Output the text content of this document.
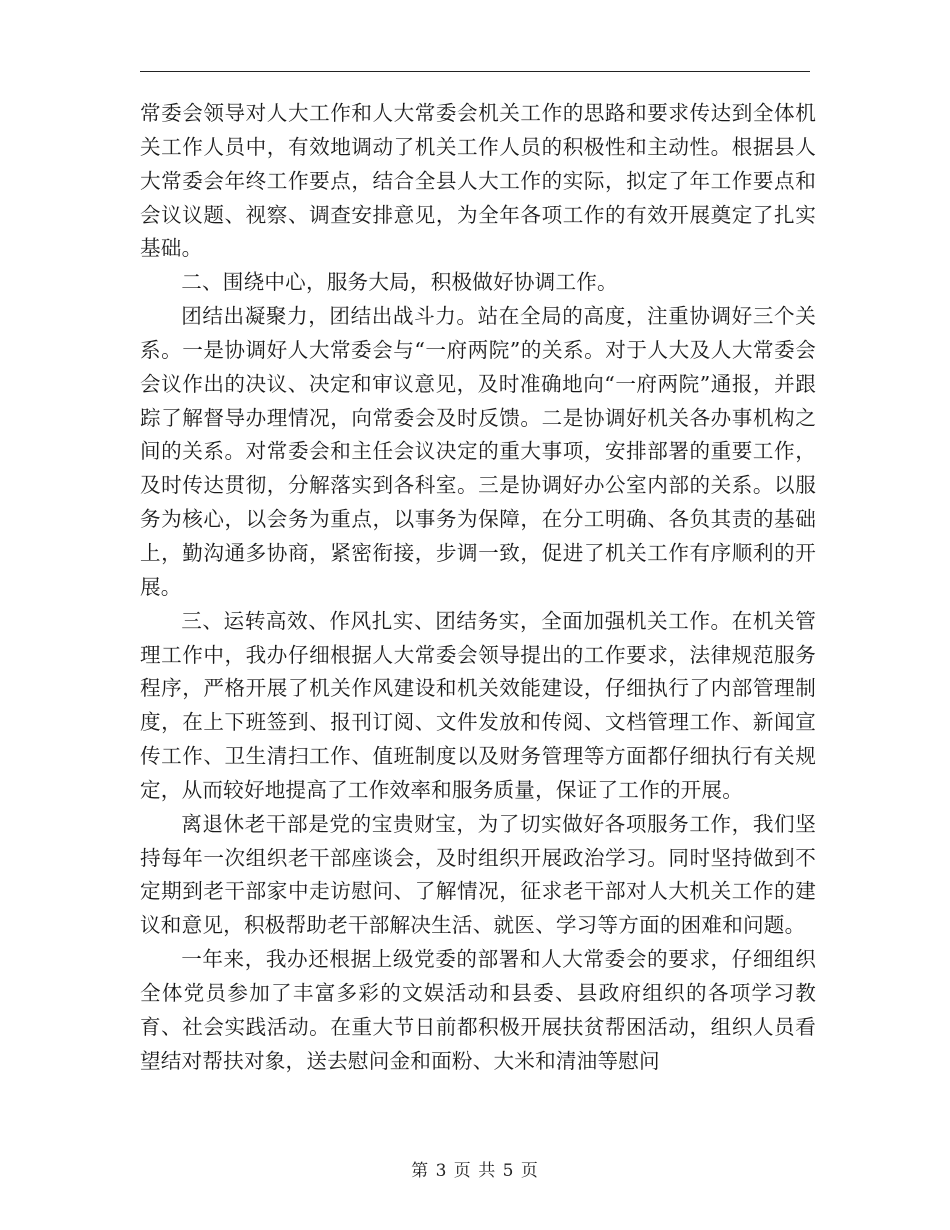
常委会领导对人大工作和人大常委会机关工作的思路和要求传达到全体机关工作人员中，有效地调动了机关工作人员的积极性和主动性。根据县人大常委会年终工作要点，结合全县人大工作的实际，拟定了年工作要点和会议议题、视察、调查安排意见，为全年各项工作的有效开展奠定了扎实基础。

二、围绕中心，服务大局，积极做好协调工作。

团结出凝聚力，团结出战斗力。站在全局的高度，注重协调好三个关系。一是协调好人大常委会与“一府两院”的关系。对于人大及人大常委会会议作出的决议、决定和审议意见，及时准确地向“一府两院”通报，并跟踪了解督导办理情况，向常委会及时反馈。二是协调好机关各办事机构之间的关系。对常委会和主任会议决定的重大事项，安排部署的重要工作，及时传达贯彻，分解落实到各科室。三是协调好办公室内部的关系。以服务为核心，以会务为重点，以事务为保障，在分工明确、各负其责的基础上，勤沟通多协商，紧密衔接，步调一致，促进了机关工作有序顺利的开展。

三、运转高效、作风扎实、团结务实，全面加强机关工作。在机关管理工作中，我办仔细根据人大常委会领导提出的工作要求，法律规范服务程序，严格开展了机关作风建设和机关效能建设，仔细执行了内部管理制度，在上下班签到、报刊订阅、文件发放和传阅、文档管理工作、新闻宣传工作、卫生清扫工作、值班制度以及财务管理等方面都仔细执行有关规定，从而较好地提高了工作效率和服务质量，保证了工作的开展。

离退休老干部是党的宝贵财宝，为了切实做好各项服务工作，我们坚持每年一次组织老干部座谈会，及时组织开展政治学习。同时坚持做到不定期到老干部家中走访慰问、了解情况，征求老干部对人大机关工作的建议和意见，积极帮助老干部解决生活、就医、学习等方面的困难和问题。

一年来，我办还根据上级党委的部署和人大常委会的要求，仔细组织全体党员参加了丰富多彩的文娱活动和县委、县政府组织的各项学习教育、社会实践活动。在重大节日前都积极开展扶贫帮困活动，组织人员看望结对帮扶对象，送去慰问金和面粉、大米和清油等慰问

第 3 页 共 5 页
